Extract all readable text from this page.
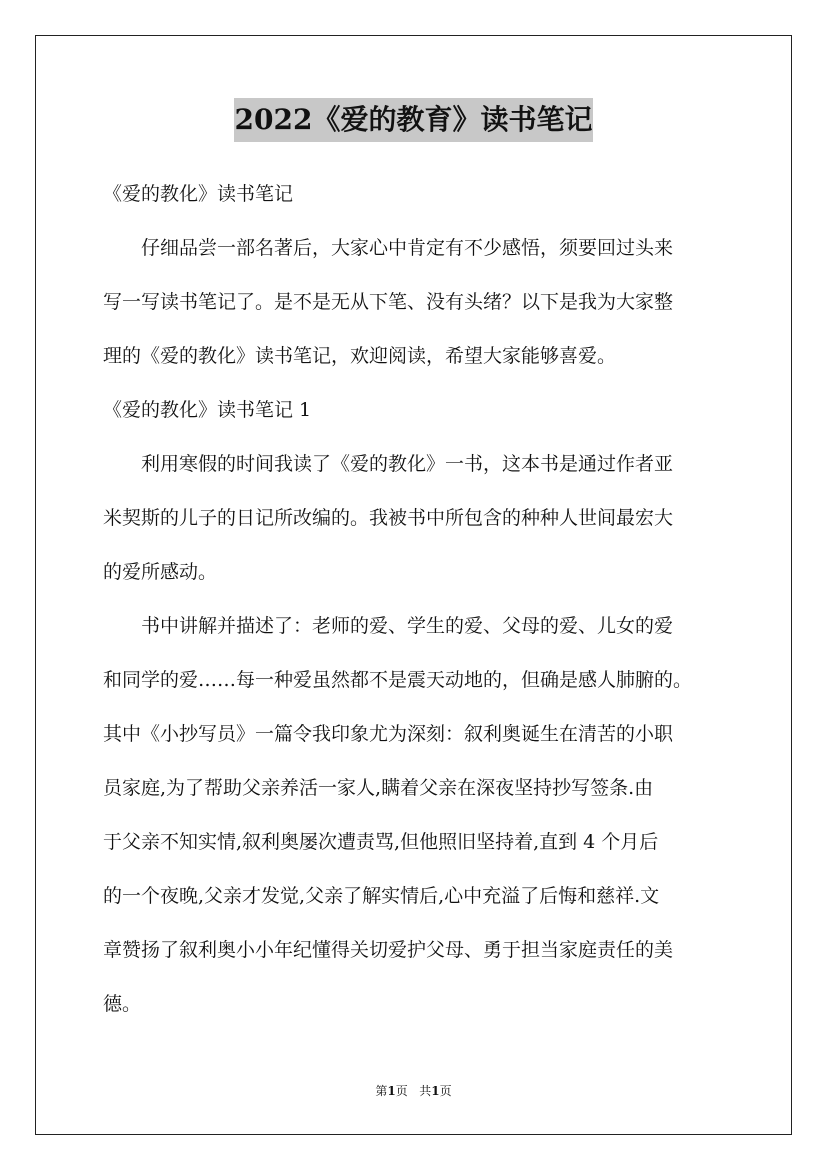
2022《爱的教育》读书笔记
《爱的教化》读书笔记
仔细品尝一部名著后，大家心中肯定有不少感悟，须要回过头来
写一写读书笔记了。是不是无从下笔、没有头绪？以下是我为大家整
理的《爱的教化》读书笔记，欢迎阅读，希望大家能够喜爱。
《爱的教化》读书笔记 1
利用寒假的时间我读了《爱的教化》一书，这本书是通过作者亚
米契斯的儿子的日记所改编的。我被书中所包含的种种人世间最宏大
的爱所感动。
书中讲解并描述了：老师的爱、学生的爱、父母的爱、儿女的爱
和同学的爱……每一种爱虽然都不是震天动地的，但确是感人肺腑的。
其中《小抄写员》一篇令我印象尤为深刻：叙利奥诞生在清苦的小职
员家庭,为了帮助父亲养活一家人,瞒着父亲在深夜坚持抄写签条.由
于父亲不知实情,叙利奥屡次遭责骂,但他照旧坚持着,直到 4 个月后
的一个夜晚,父亲才发觉,父亲了解实情后,心中充溢了后悔和慈祥.文
章赞扬了叙利奥小小年纪懂得关切爱护父母、勇于担当家庭责任的美
德。
第1页   共1页
